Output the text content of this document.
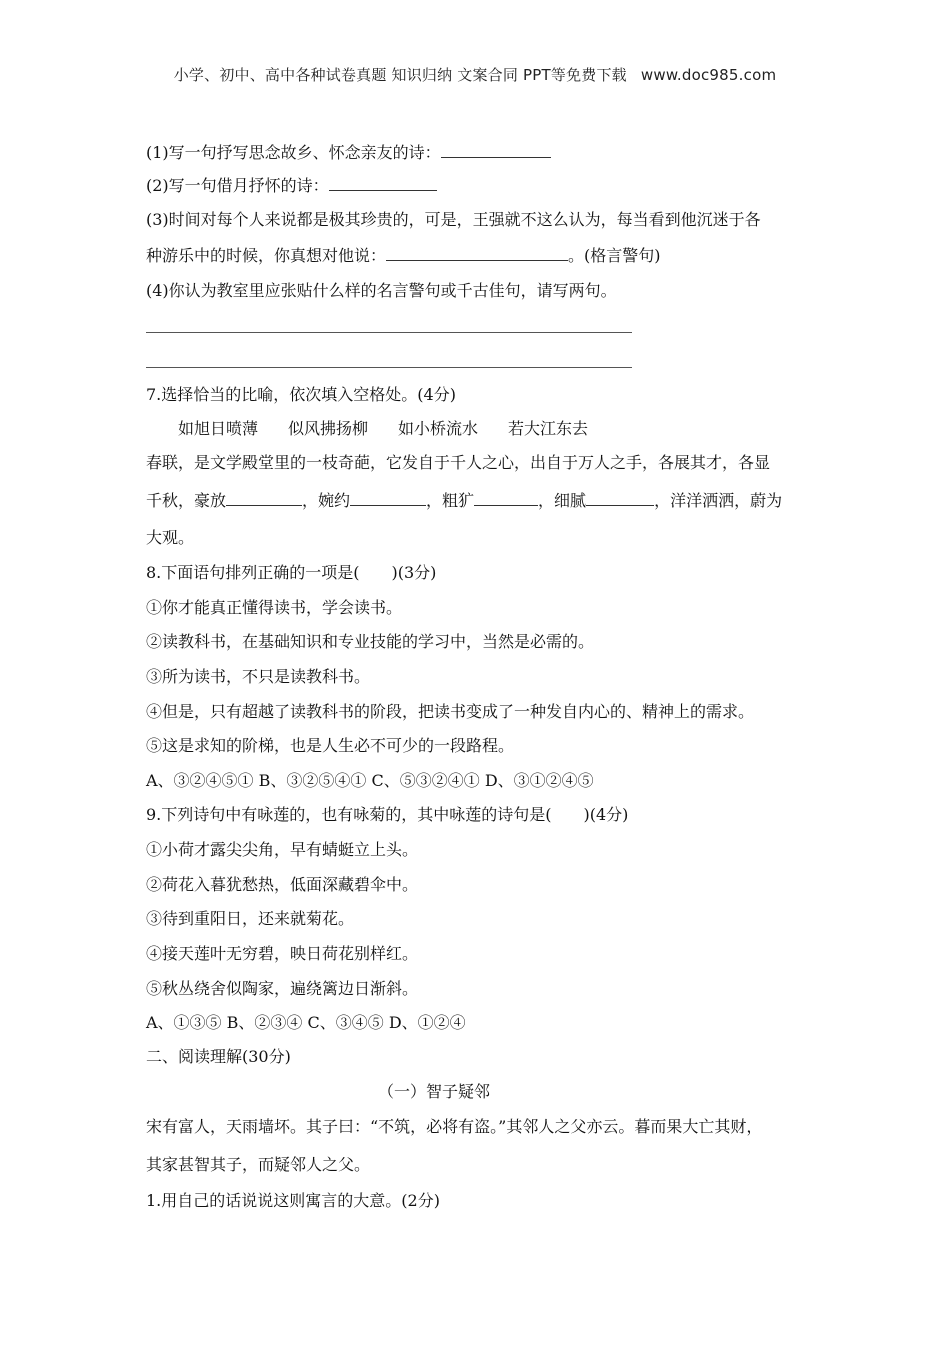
小学、初中、高中各种试卷真题 知识归纳 文案合同 PPT等免费下载 www.doc985.com
(1)写一句抒写思念故乡、怀念亲友的诗：
(2)写一句借月抒怀的诗：
(3)时间对每个人来说都是极其珍贵的，可是，王强就不这么认为，每当看到他沉迷于各
种游乐中的时候，你真想对他说：	。(格言警句)
(4)你认为教室里应张贴什么样的名言警句或千古佳句，请写两句。
7.选择恰当的比喻，依次填入空格处。(4分)
如旭日喷薄 似风拂扬柳 如小桥流水 若大江东去
春联，是文学殿堂里的一枝奇葩，它发自于千人之心，出自于万人之手，各展其才，各显
千秋，豪放	，婉约	，粗犷	，细腻	，洋洋洒洒，蔚为
大观。
8.下面语句排列正确的一项是(　　)(3分)
①你才能真正懂得读书，学会读书。
②读教科书，在基础知识和专业技能的学习中，当然是必需的。
③所为读书，不只是读教科书。
④但是，只有超越了读教科书的阶段，把读书变成了一种发自内心的、精神上的需求。
⑤这是求知的阶梯，也是人生必不可少的一段路程。
A、③②④⑤① B、③②⑤④① C、⑤③②④① D、③①②④⑤
9.下列诗句中有咏莲的，也有咏菊的，其中咏莲的诗句是(　　)(4分)
①小荷才露尖尖角，早有蜻蜓立上头。
②荷花入暮犹愁热，低面深藏碧伞中。
③待到重阳日，还来就菊花。
④接天莲叶无穷碧，映日荷花别样红。
⑤秋丛绕舍似陶家，遍绕篱边日渐斜。
A、①③⑤ B、②③④ C、③④⑤ D、①②④
二、阅读理解(30分)
（一）智子疑邻
宋有富人，天雨墙坏。其子曰：“不筑，必将有盗。”其邻人之父亦云。暮而果大亡其财，
其家甚智其子，而疑邻人之父。
1.用自己的话说说这则寓言的大意。(2分)
